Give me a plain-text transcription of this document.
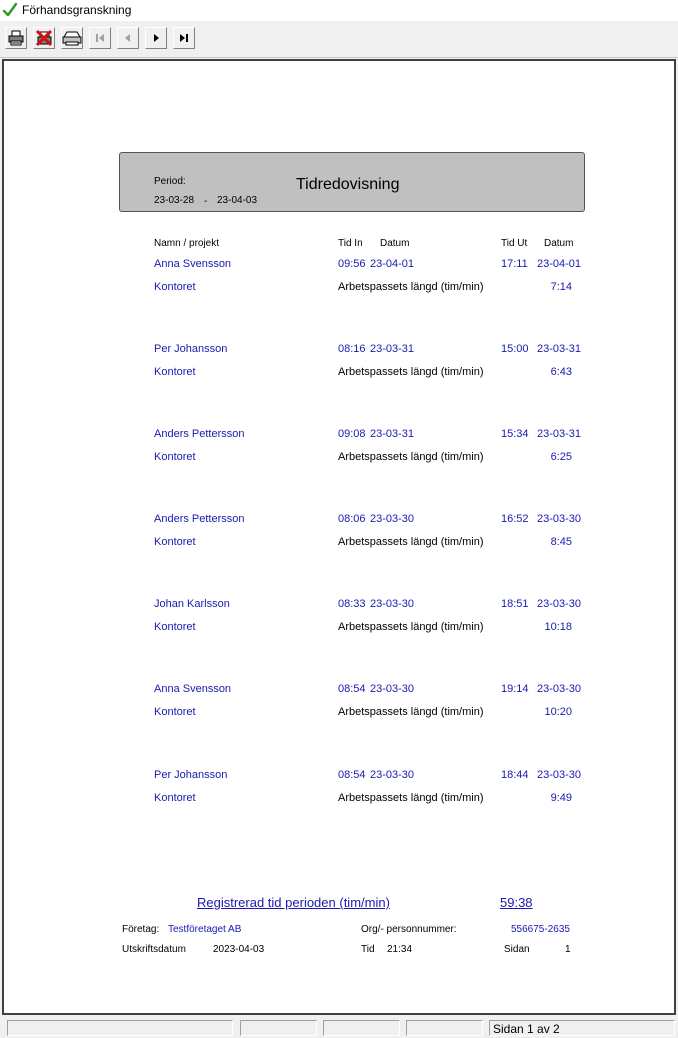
Förhandsgranskning
Period:
23-03-28 - 23-04-03
Tidredovisning
Namn / projekt	Tid In Datum	Tid Ut Datum
Anna Svensson	09:56 23-04-01	17:11 23-04-01
Kontoret	Arbetspassets längd (tim/min)	7:14
Per Johansson	08:16 23-03-31	15:00 23-03-31
Kontoret	Arbetspassets längd (tim/min)	6:43
Anders Pettersson	09:08 23-03-31	15:34 23-03-31
Kontoret	Arbetspassets längd (tim/min)	6:25
Anders Pettersson	08:06 23-03-30	16:52 23-03-30
Kontoret	Arbetspassets längd (tim/min)	8:45
Johan Karlsson	08:33 23-03-30	18:51 23-03-30
Kontoret	Arbetspassets längd (tim/min)	10:18
Anna Svensson	08:54 23-03-30	19:14 23-03-30
Kontoret	Arbetspassets längd (tim/min)	10:20
Per Johansson	08:54 23-03-30	18:44 23-03-30
Kontoret	Arbetspassets längd (tim/min)	9:49
Registrerad tid perioden (tim/min)	59:38
Företag: Testföretaget AB	Org/- personnummer:	556675-2635
Utskriftsdatum	2023-04-03	Tid 21:34	Sidan	1
Sidan 1 av 2
